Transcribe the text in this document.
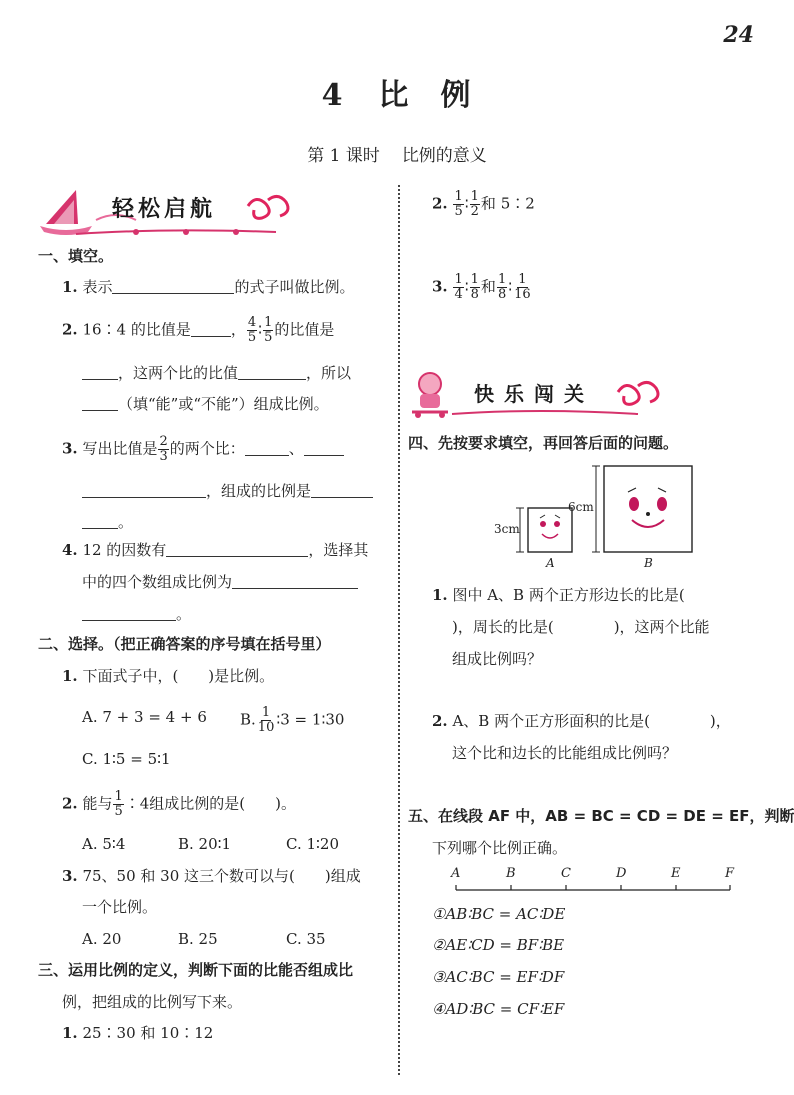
24
4 比 例
第 1 课时 比例的意义
轻松启航
一、填空。
1. 表示	的式子叫做比例。
2. 16∶4 的比值是	， $\frac{4}{5}$ ∶ $\frac{1}{5}$ 的比值是
，这两个比的比值	，所以
（填“能”或“不能”）组成比例。
3. 写出比值是 $\frac{2}{3}$ 的两个比：	、
，组成的比例是
。
4. 12 的因数有	，选择其
中的四个数组成比例为
。
二、选择。（把正确答案的序号填在括号里）
1. 下面式子中，(　　)是比例。
A. 7 + 3 = 4 + 6 B. $\frac{1}{10}$ ∶3 = 1∶30
C. 1∶5 = 5∶1
2. 能与 $\frac{1}{5}$ ∶4组成比例的是(　　)。
A. 5∶4	B. 20∶1	C. 1∶20
3. 75、50 和 30 这三个数可以与(　　)组成
一个比例。
A. 20	B. 25	C. 35
三、运用比例的定义，判断下面的比能否组成比
例，把组成的比例写下来。
1. 25∶30 和 10∶12
2. $\frac{1}{5}$ ∶ $\frac{1}{2}$ 和 5∶2
3. $\frac{1}{4}$ ∶ $\frac{1}{8}$ 和 $\frac{1}{8}$ ∶ $\frac{1}{16}$
快乐闯关
四、先按要求填空，再回答后面的问题。
3cm
6cm
A	B
1. 图中 A、B 两个正方形边长的比是(
)，周长的比是(　　　　)，这两个比能
组成比例吗？
2. A、B 两个正方形面积的比是(　　　　)，
这个比和边长的比能组成比例吗？
五、在线段 AF 中，AB = BC = CD = DE = EF，判断
下列哪个比例正确。
A	B	C	D	E	F
①AB∶BC = AC∶DE
②AE∶CD = BF∶BE
③AC∶BC = EF∶DF
④AD∶BC = CF∶EF
